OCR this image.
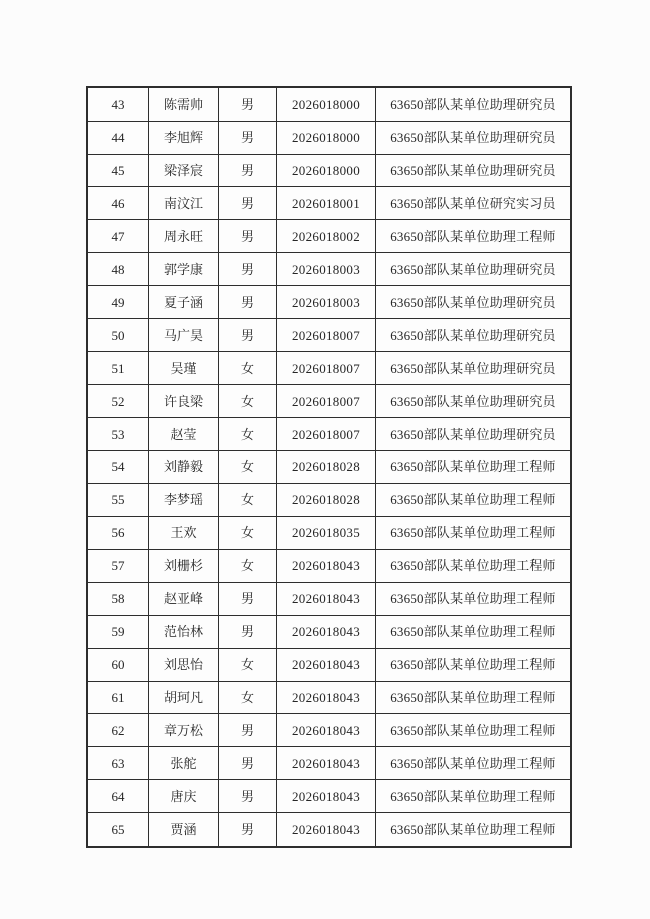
43	陈需帅	男	2026018000	63650部队某单位助理研究员
44	李旭辉	男	2026018000	63650部队某单位助理研究员
45	梁泽宸	男	2026018000	63650部队某单位助理研究员
46	南汶江	男	2026018001	63650部队某单位研究实习员
47	周永旺	男	2026018002	63650部队某单位助理工程师
48	郭学康	男	2026018003	63650部队某单位助理研究员
49	夏子涵	男	2026018003	63650部队某单位助理研究员
50	马广昊	男	2026018007	63650部队某单位助理研究员
51	吴瑾	女	2026018007	63650部队某单位助理研究员
52	许良梁	女	2026018007	63650部队某单位助理研究员
53	赵莹	女	2026018007	63650部队某单位助理研究员
54	刘静毅	女	2026018028	63650部队某单位助理工程师
55	李梦瑶	女	2026018028	63650部队某单位助理工程师
56	王欢	女	2026018035	63650部队某单位助理工程师
57	刘栅杉	女	2026018043	63650部队某单位助理工程师
58	赵亚峰	男	2026018043	63650部队某单位助理工程师
59	范怡林	男	2026018043	63650部队某单位助理工程师
60	刘思怡	女	2026018043	63650部队某单位助理工程师
61	胡珂凡	女	2026018043	63650部队某单位助理工程师
62	章万松	男	2026018043	63650部队某单位助理工程师
63	张舵	男	2026018043	63650部队某单位助理工程师
64	唐庆	男	2026018043	63650部队某单位助理工程师
65	贾涵	男	2026018043	63650部队某单位助理工程师
